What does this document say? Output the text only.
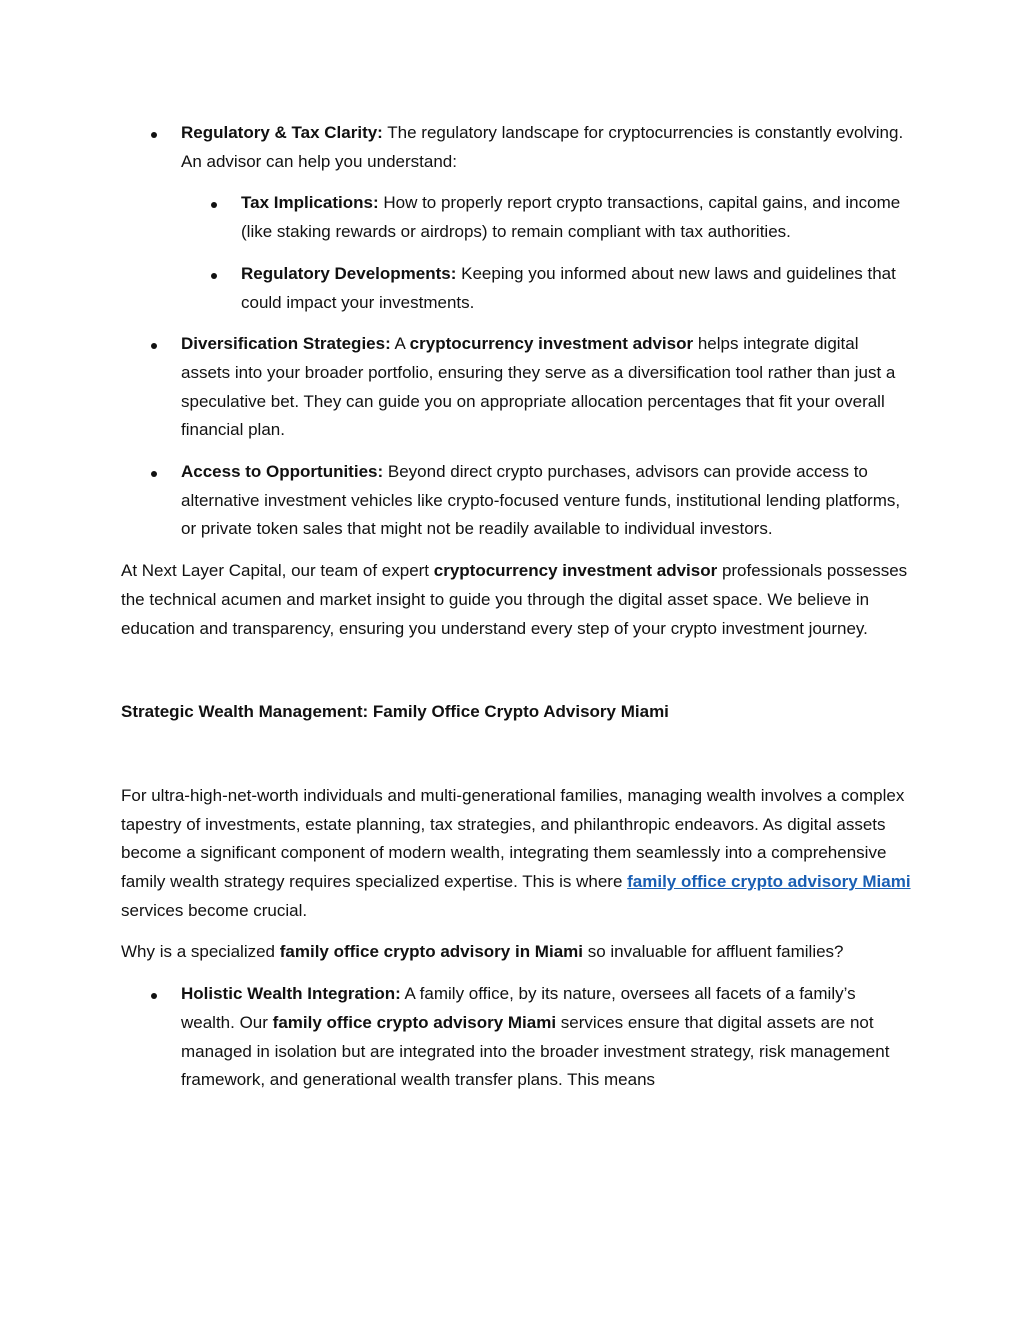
Regulatory & Tax Clarity: The regulatory landscape for cryptocurrencies is constantly evolving. An advisor can help you understand:
Tax Implications: How to properly report crypto transactions, capital gains, and income (like staking rewards or airdrops) to remain compliant with tax authorities.
Regulatory Developments: Keeping you informed about new laws and guidelines that could impact your investments.
Diversification Strategies: A cryptocurrency investment advisor helps integrate digital assets into your broader portfolio, ensuring they serve as a diversification tool rather than just a speculative bet. They can guide you on appropriate allocation percentages that fit your overall financial plan.
Access to Opportunities: Beyond direct crypto purchases, advisors can provide access to alternative investment vehicles like crypto-focused venture funds, institutional lending platforms, or private token sales that might not be readily available to individual investors.

At Next Layer Capital, our team of expert cryptocurrency investment advisor professionals possesses the technical acumen and market insight to guide you through the digital asset space. We believe in education and transparency, ensuring you understand every step of your crypto investment journey.

Strategic Wealth Management: Family Office Crypto Advisory Miami

For ultra-high-net-worth individuals and multi-generational families, managing wealth involves a complex tapestry of investments, estate planning, tax strategies, and philanthropic endeavors. As digital assets become a significant component of modern wealth, integrating them seamlessly into a comprehensive family wealth strategy requires specialized expertise. This is where family office crypto advisory Miami services become crucial.

Why is a specialized family office crypto advisory in Miami so invaluable for affluent families?

Holistic Wealth Integration: A family office, by its nature, oversees all facets of a family’s wealth. Our family office crypto advisory Miami services ensure that digital assets are not managed in isolation but are integrated into the broader investment strategy, risk management framework, and generational wealth transfer plans. This means
